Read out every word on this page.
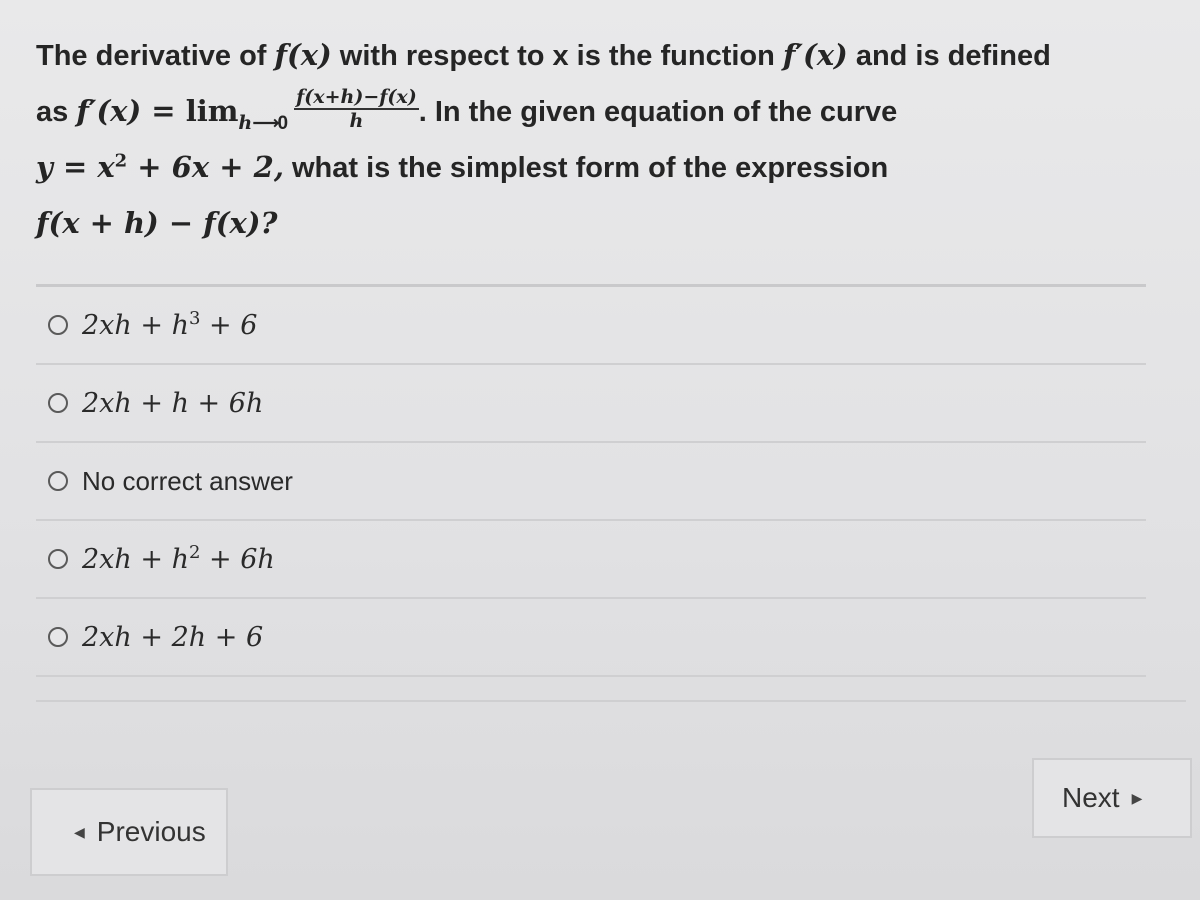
The derivative of f(x) with respect to x is the function f′(x) and is defined
as $f'(x) = \lim_{h⟶0} \frac{f(x+h)-f(x)}{h}$ . In the given equation of the curve
$y = x^2 + 6x + 2$, what is the simplest form of the expression
f(x + h) − f(x)?
$2xh + h^3 + 6$
2xh + h + 6h
No correct answer
$2xh + h^2 + 6h$
2xh + 2h + 6
◀ Previous
Next ▶
